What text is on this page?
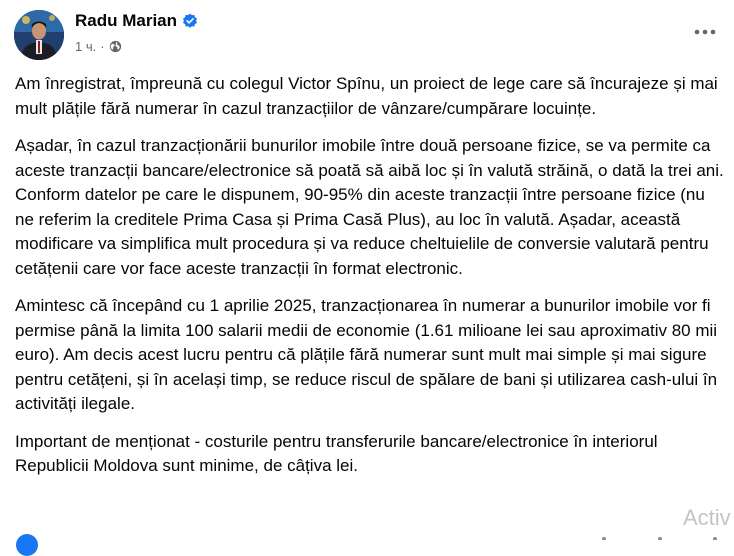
Radu Marian
1 ч. ·

Am înregistrat, împreună cu colegul Victor Spînu, un proiect de lege care să încurajeze și mai mult plățile fără numerar în cazul tranzacțiilor de vânzare/cumpărare locuințe.

Așadar, în cazul tranzacționării bunurilor imobile între două persoane fizice, se va permite ca aceste tranzacții bancare/electronice să poată să aibă loc și în valută străină, o dată la trei ani. Conform datelor pe care le dispunem, 90-95% din aceste tranzacții între persoane fizice (nu ne referim la creditele Prima Casa și Prima Casă Plus), au loc în valută. Așadar, această modificare va simplifica mult procedura și va reduce cheltuielile de conversie valutară pentru cetățenii care vor face aceste tranzacții în format electronic.

Amintesc că începând cu 1 aprilie 2025, tranzacționarea în numerar a bunurilor imobile vor fi permise până la limita 100 salarii medii de economie (1.61 milioane lei sau aproximativ 80 mii euro). Am decis acest lucru pentru că plățile fără numerar sunt mult mai simple și mai sigure pentru cetățeni, și în același timp, se reduce riscul de spălare de bani și utilizarea cash-ului în activități ilegale.

Important de menționat - costurile pentru transferurile bancare/electronice în interiorul Republicii Moldova sunt minime, de câțiva lei.

Activ
